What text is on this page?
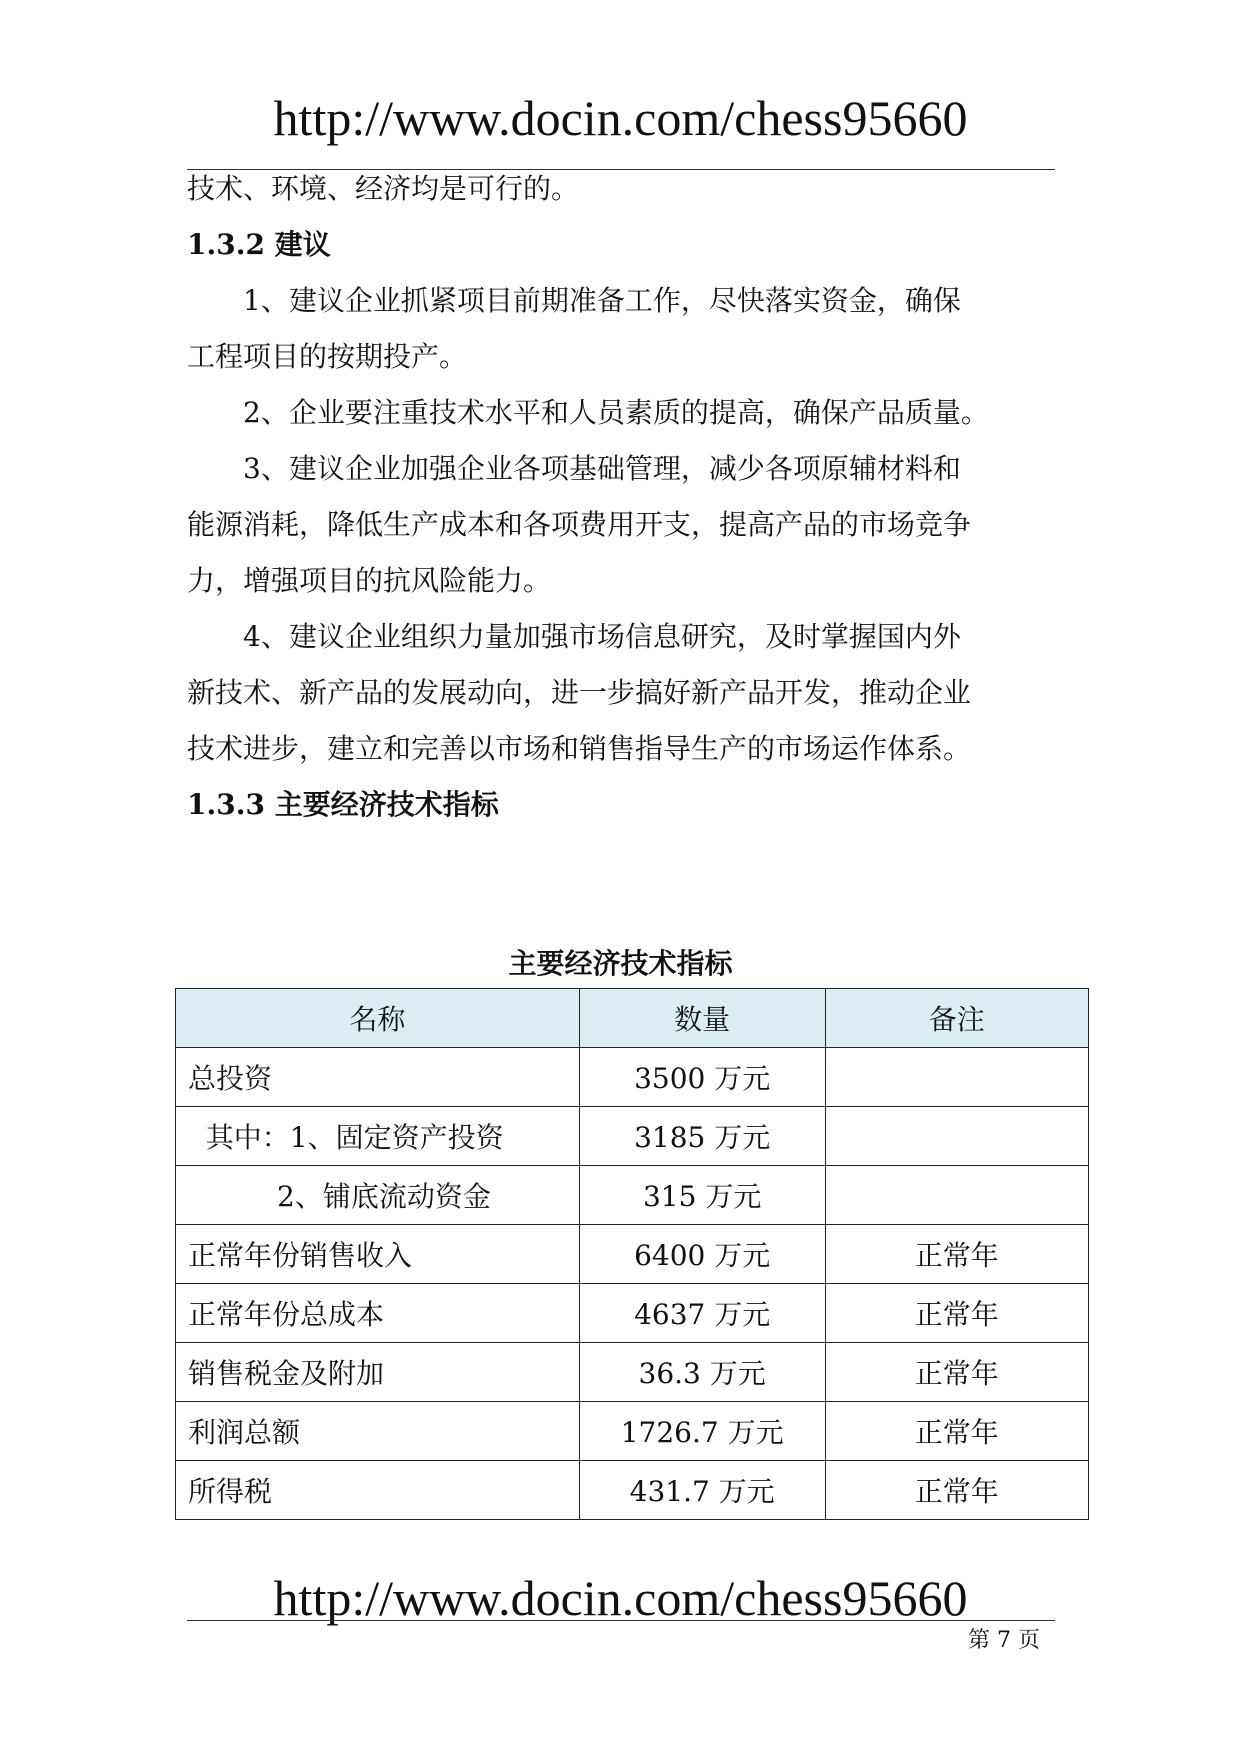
http://www.docin.com/chess95660
技术、环境、经济均是可行的。
1.3.2 建议
1、建议企业抓紧项目前期准备工作，尽快落实资金，确保
工程项目的按期投产。
2、企业要注重技术水平和人员素质的提高，确保产品质量。
3、建议企业加强企业各项基础管理，减少各项原辅材料和
能源消耗，降低生产成本和各项费用开支，提高产品的市场竞争
力，增强项目的抗风险能力。
4、建议企业组织力量加强市场信息研究，及时掌握国内外
新技术、新产品的发展动向，进一步搞好新产品开发，推动企业
技术进步，建立和完善以市场和销售指导生产的市场运作体系。
1.3.3 主要经济技术指标
主要经济技术指标
名称	数量	备注
总投资	3500 万元	
其中：1、固定资产投资	3185 万元	
2、铺底流动资金	315 万元	
正常年份销售收入	6400 万元	正常年
正常年份总成本	4637 万元	正常年
销售税金及附加	36.3 万元	正常年
利润总额	1726.7 万元	正常年
所得税	431.7 万元	正常年
http://www.docin.com/chess95660
第 7 页
